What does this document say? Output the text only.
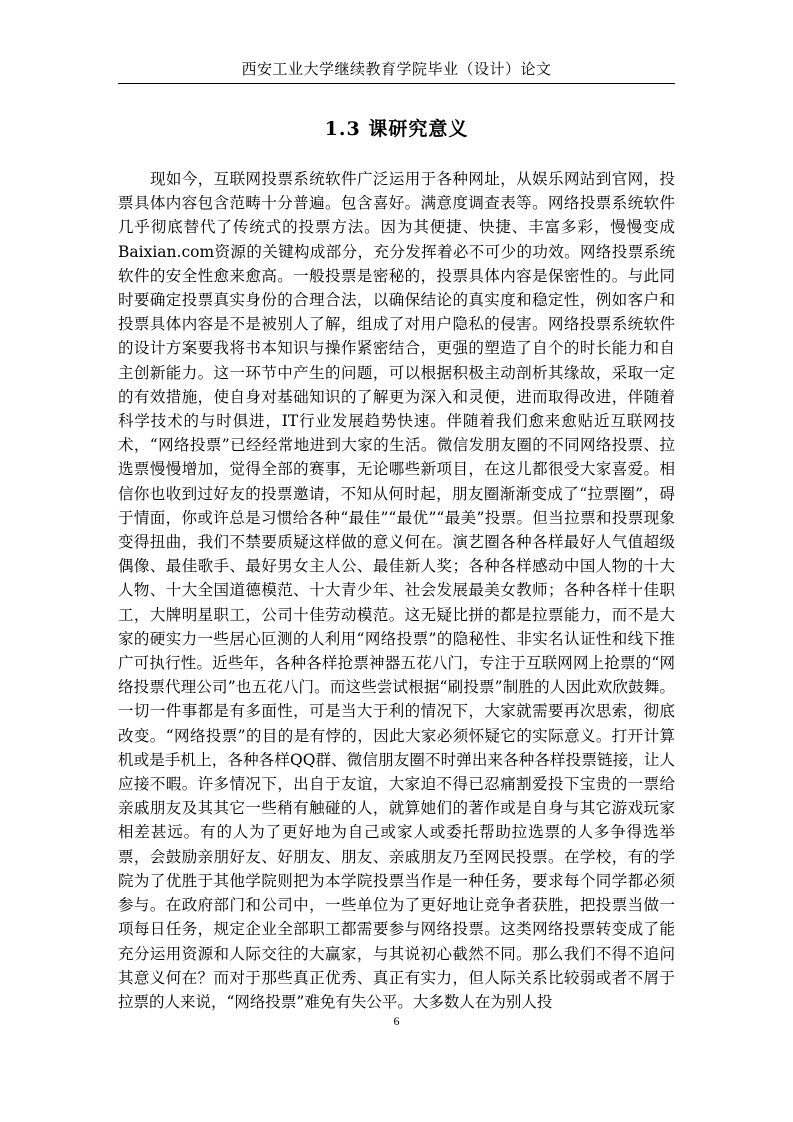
西安工业大学继续教育学院毕业（设计）论文
1.3 课研究意义

现如今，互联网投票系统软件广泛运用于各种网址，从娱乐网站到官网，投票具体内容包含范畴十分普遍。包含喜好。满意度调查表等。网络投票系统软件几乎彻底替代了传统式的投票方法。因为其便捷、快捷、丰富多彩，慢慢变成Baixian.com资源的关键构成部分，充分发挥着必不可少的功效。网络投票系统软件的安全性愈来愈高。一般投票是密秘的，投票具体内容是保密性的。与此同时要确定投票真实身份的合理合法，以确保结论的真实度和稳定性，例如客户和投票具体内容是不是被别人了解，组成了对用户隐私的侵害。网络投票系统软件的设计方案要我将书本知识与操作紧密结合，更强的塑造了自个的时长能力和自主创新能力。这一环节中产生的问题，可以根据积极主动剖析其缘故，采取一定的有效措施，使自身对基础知识的了解更为深入和灵便，进而取得改进，伴随着科学技术的与时俱进，IT行业发展趋势快速。伴随着我们愈来愈贴近互联网技术，“网络投票”已经经常地进到大家的生活。微信发朋友圈的不同网络投票、拉选票慢慢增加，觉得全部的赛事，无论哪些新项目，在这儿都很受大家喜爱。相信你也收到过好友的投票邀请，不知从何时起，朋友圈渐渐变成了“拉票圈”，碍于情面，你或许总是习惯给各种“最佳”“最优”“最美”投票。但当拉票和投票现象变得扭曲，我们不禁要质疑这样做的意义何在。演艺圈各种各样最好人气值超级偶像、最佳歌手、最好男女主人公、最佳新人奖；各种各样感动中国人物的十大人物、十大全国道德模范、十大青少年、社会发展最美女教师；各种各样十佳职工，大牌明星职工，公司十佳劳动模范。这无疑比拼的都是拉票能力，而不是大家的硬实力一些居心叵测的人利用“网络投票”的隐秘性、非实名认证性和线下推广可执行性。近些年，各种各样抢票神器五花八门，专注于互联网网上抢票的“网络投票代理公司”也五花八门。而这些尝试根据“刷投票”制胜的人因此欢欣鼓舞。一切一件事都是有多面性，可是当大于利的情况下，大家就需要再次思索，彻底改变。“网络投票”的目的是有悖的，因此大家必须怀疑它的实际意义。打开计算机或是手机上，各种各样QQ群、微信朋友圈不时弹出来各种各样投票链接，让人应接不暇。许多情况下，出自于友谊，大家迫不得已忍痛割爱投下宝贵的一票给亲戚朋友及其其它一些稍有触碰的人，就算她们的著作或是自身与其它游戏玩家相差甚远。有的人为了更好地为自己或家人或委托帮助拉选票的人多争得选举票，会鼓励亲朋好友、好朋友、朋友、亲戚朋友乃至网民投票。在学校，有的学院为了优胜于其他学院则把为本学院投票当作是一种任务，要求每个同学都必须参与。在政府部门和公司中，一些单位为了更好地让竞争者获胜，把投票当做一项每日任务，规定企业全部职工都需要参与网络投票。这类网络投票转变成了能充分运用资源和人际交往的大赢家，与其说初心截然不同。那么我们不得不追问其意义何在？而对于那些真正优秀、真正有实力，但人际关系比较弱或者不屑于拉票的人来说，“网络投票”难免有失公平。大多数人在为别人投

6
